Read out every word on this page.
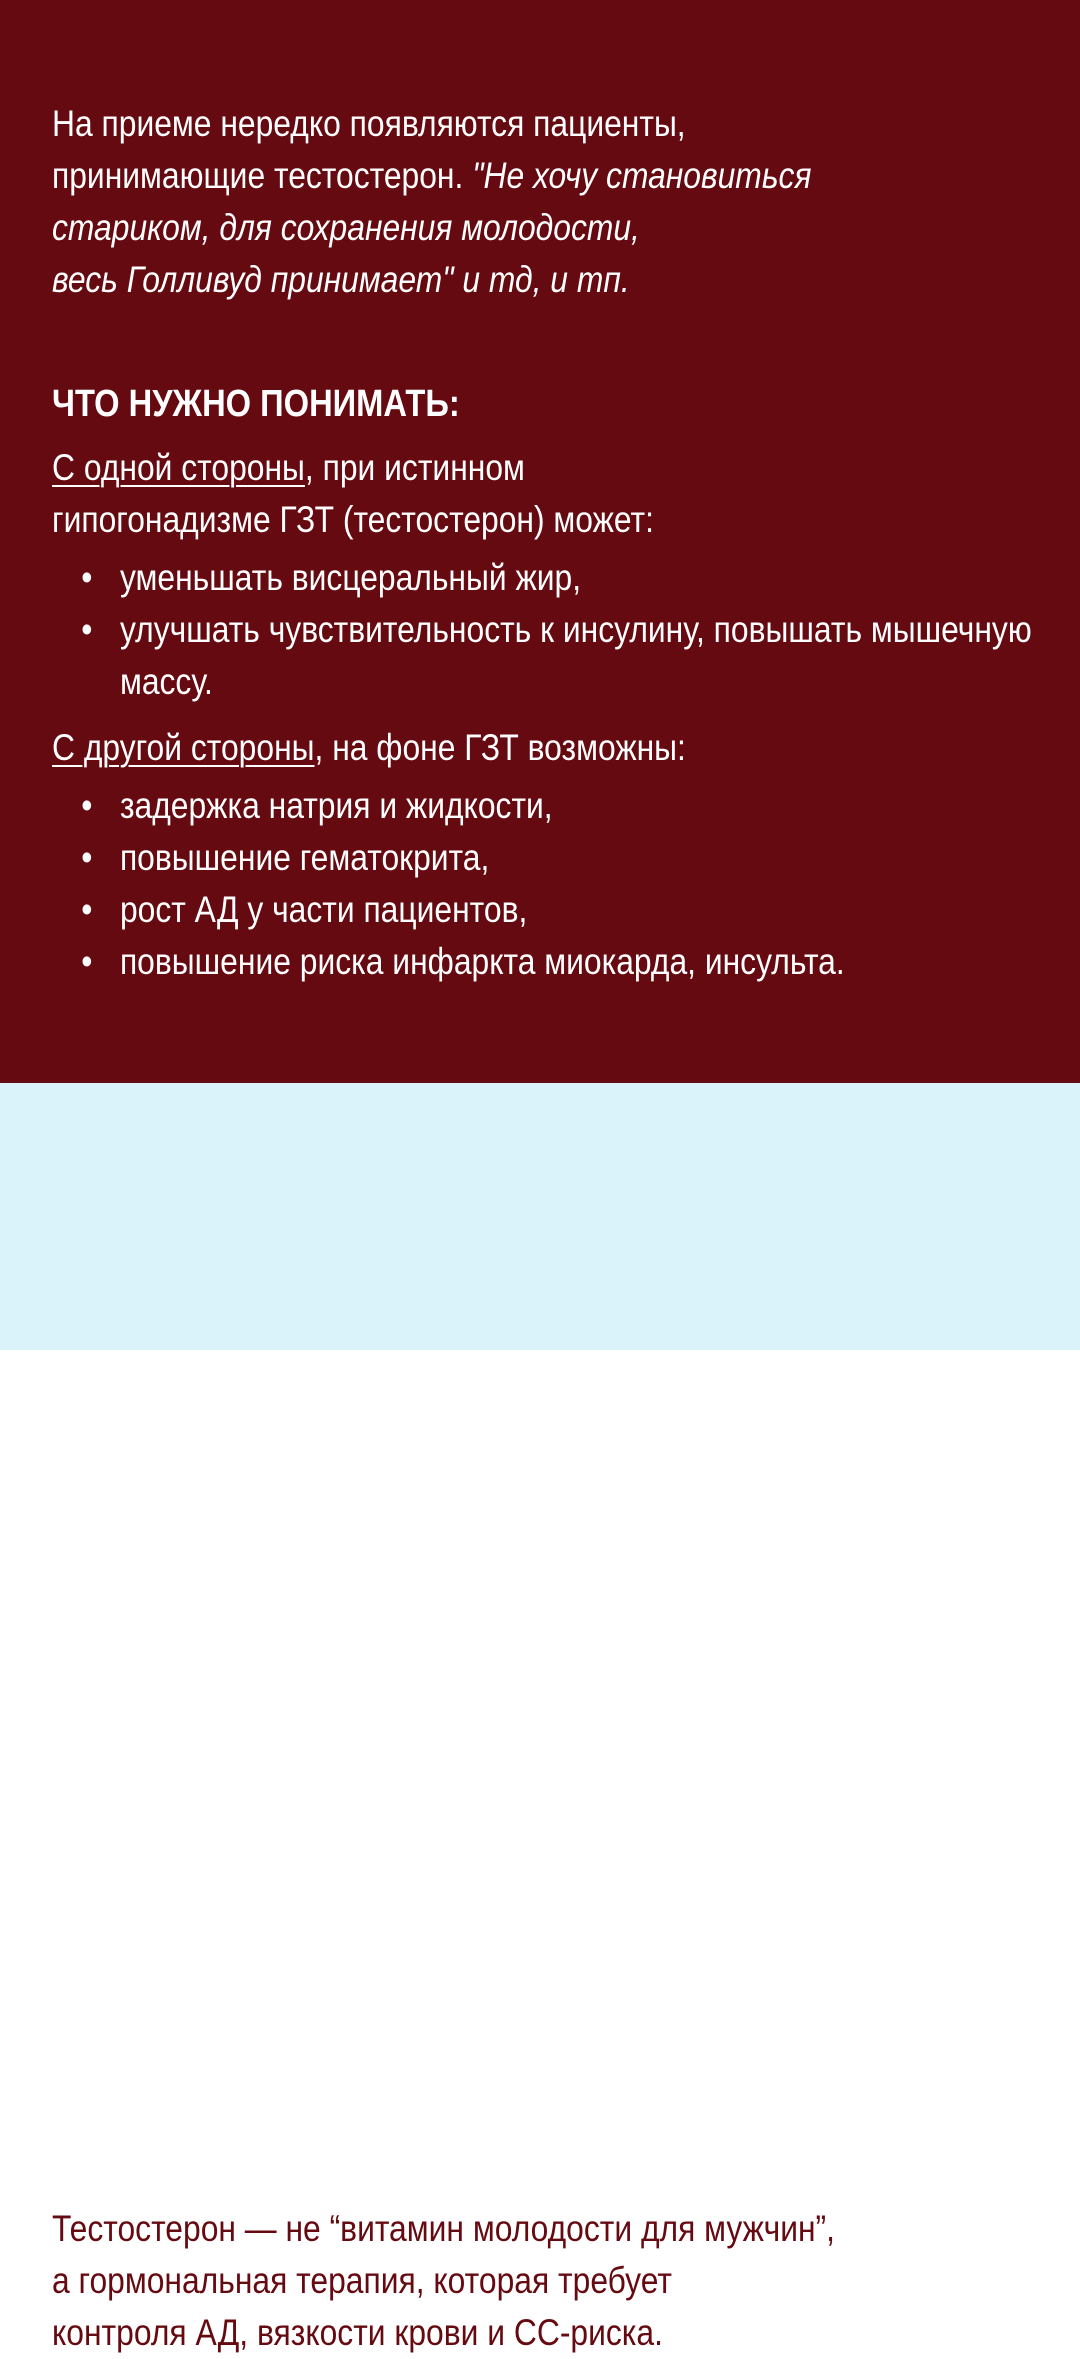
На приеме нередко появляются пациенты,
принимающие тестостерон. "Не хочу становиться
стариком, для сохранения молодости,
весь Голливуд принимает" и тд, и тп.
ЧТО НУЖНО ПОНИМАТЬ:

С одной стороны, при истинном

гипогонадизме ГЗТ (тестостерон) может:

• уменьшать висцеральный жир,
• улучшать чувствительность к инсулину, повышать мышечную массу.

С другой стороны, на фоне ГЗТ возможны:

• задержка натрия и жидкости,
• повышение гематокрита,
• рост АД у части пациентов,
• повышение риска инфаркта миокарда, инсульта.
Тестостерон — не “витамин молодости для мужчин”,
а гормональная терапия, которая требует
контроля АД, вязкости крови и СС-риска.
